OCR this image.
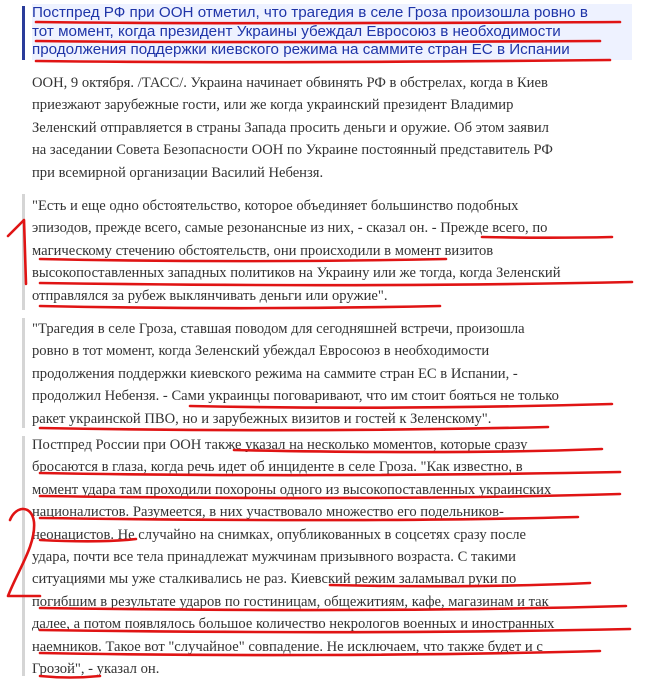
Постпред РФ при ООН отметил, что трагедия в селе Гроза произошла ровно в
тот момент, когда президент Украины убеждал Евросоюз в необходимости
продолжения поддержки киевского режима на саммите стран ЕС в Испании
ООН, 9 октября. /ТАСС/. Украина начинает обвинять РФ в обстрелах, когда в Киев
приезжают зарубежные гости, или же когда украинский президент Владимир
Зеленский отправляется в страны Запада просить деньги и оружие. Об этом заявил
на заседании Совета Безопасности ООН по Украине постоянный представитель РФ
при всемирной организации Василий Небензя.
"Есть и еще одно обстоятельство, которое объединяет большинство подобных
эпизодов, прежде всего, самые резонансные из них, - сказал он. - Прежде всего, по
магическому стечению обстоятельств, они происходили в момент визитов
высокопоставленных западных политиков на Украину или же тогда, когда Зеленский
отправлялся за рубеж выклянчивать деньги или оружие".
"Трагедия в селе Гроза, ставшая поводом для сегодняшней встречи, произошла
ровно в тот момент, когда Зеленский убеждал Евросоюз в необходимости
продолжения поддержки киевского режима на саммите стран ЕС в Испании, -
продолжил Небензя. - Сами украинцы поговаривают, что им стоит бояться не только
ракет украинской ПВО, но и зарубежных визитов и гостей к Зеленскому".
Постпред России при ООН также указал на несколько моментов, которые сразу
бросаются в глаза, когда речь идет об инциденте в селе Гроза. "Как известно, в
момент удара там проходили похороны одного из высокопоставленных украинских
националистов. Разумеется, в них участвовало множество его подельников-
неонацистов. Не случайно на снимках, опубликованных в соцсетях сразу после
удара, почти все тела принадлежат мужчинам призывного возраста. С такими
ситуациями мы уже сталкивались не раз. Киевский режим заламывал руки по
погибшим в результате ударов по гостиницам, общежитиям, кафе, магазинам и так
далее, а потом появлялось большое количество некрологов военных и иностранных
наемников. Такое вот "случайное" совпадение. Не исключаем, что также будет и с
Грозой", - указал он.
